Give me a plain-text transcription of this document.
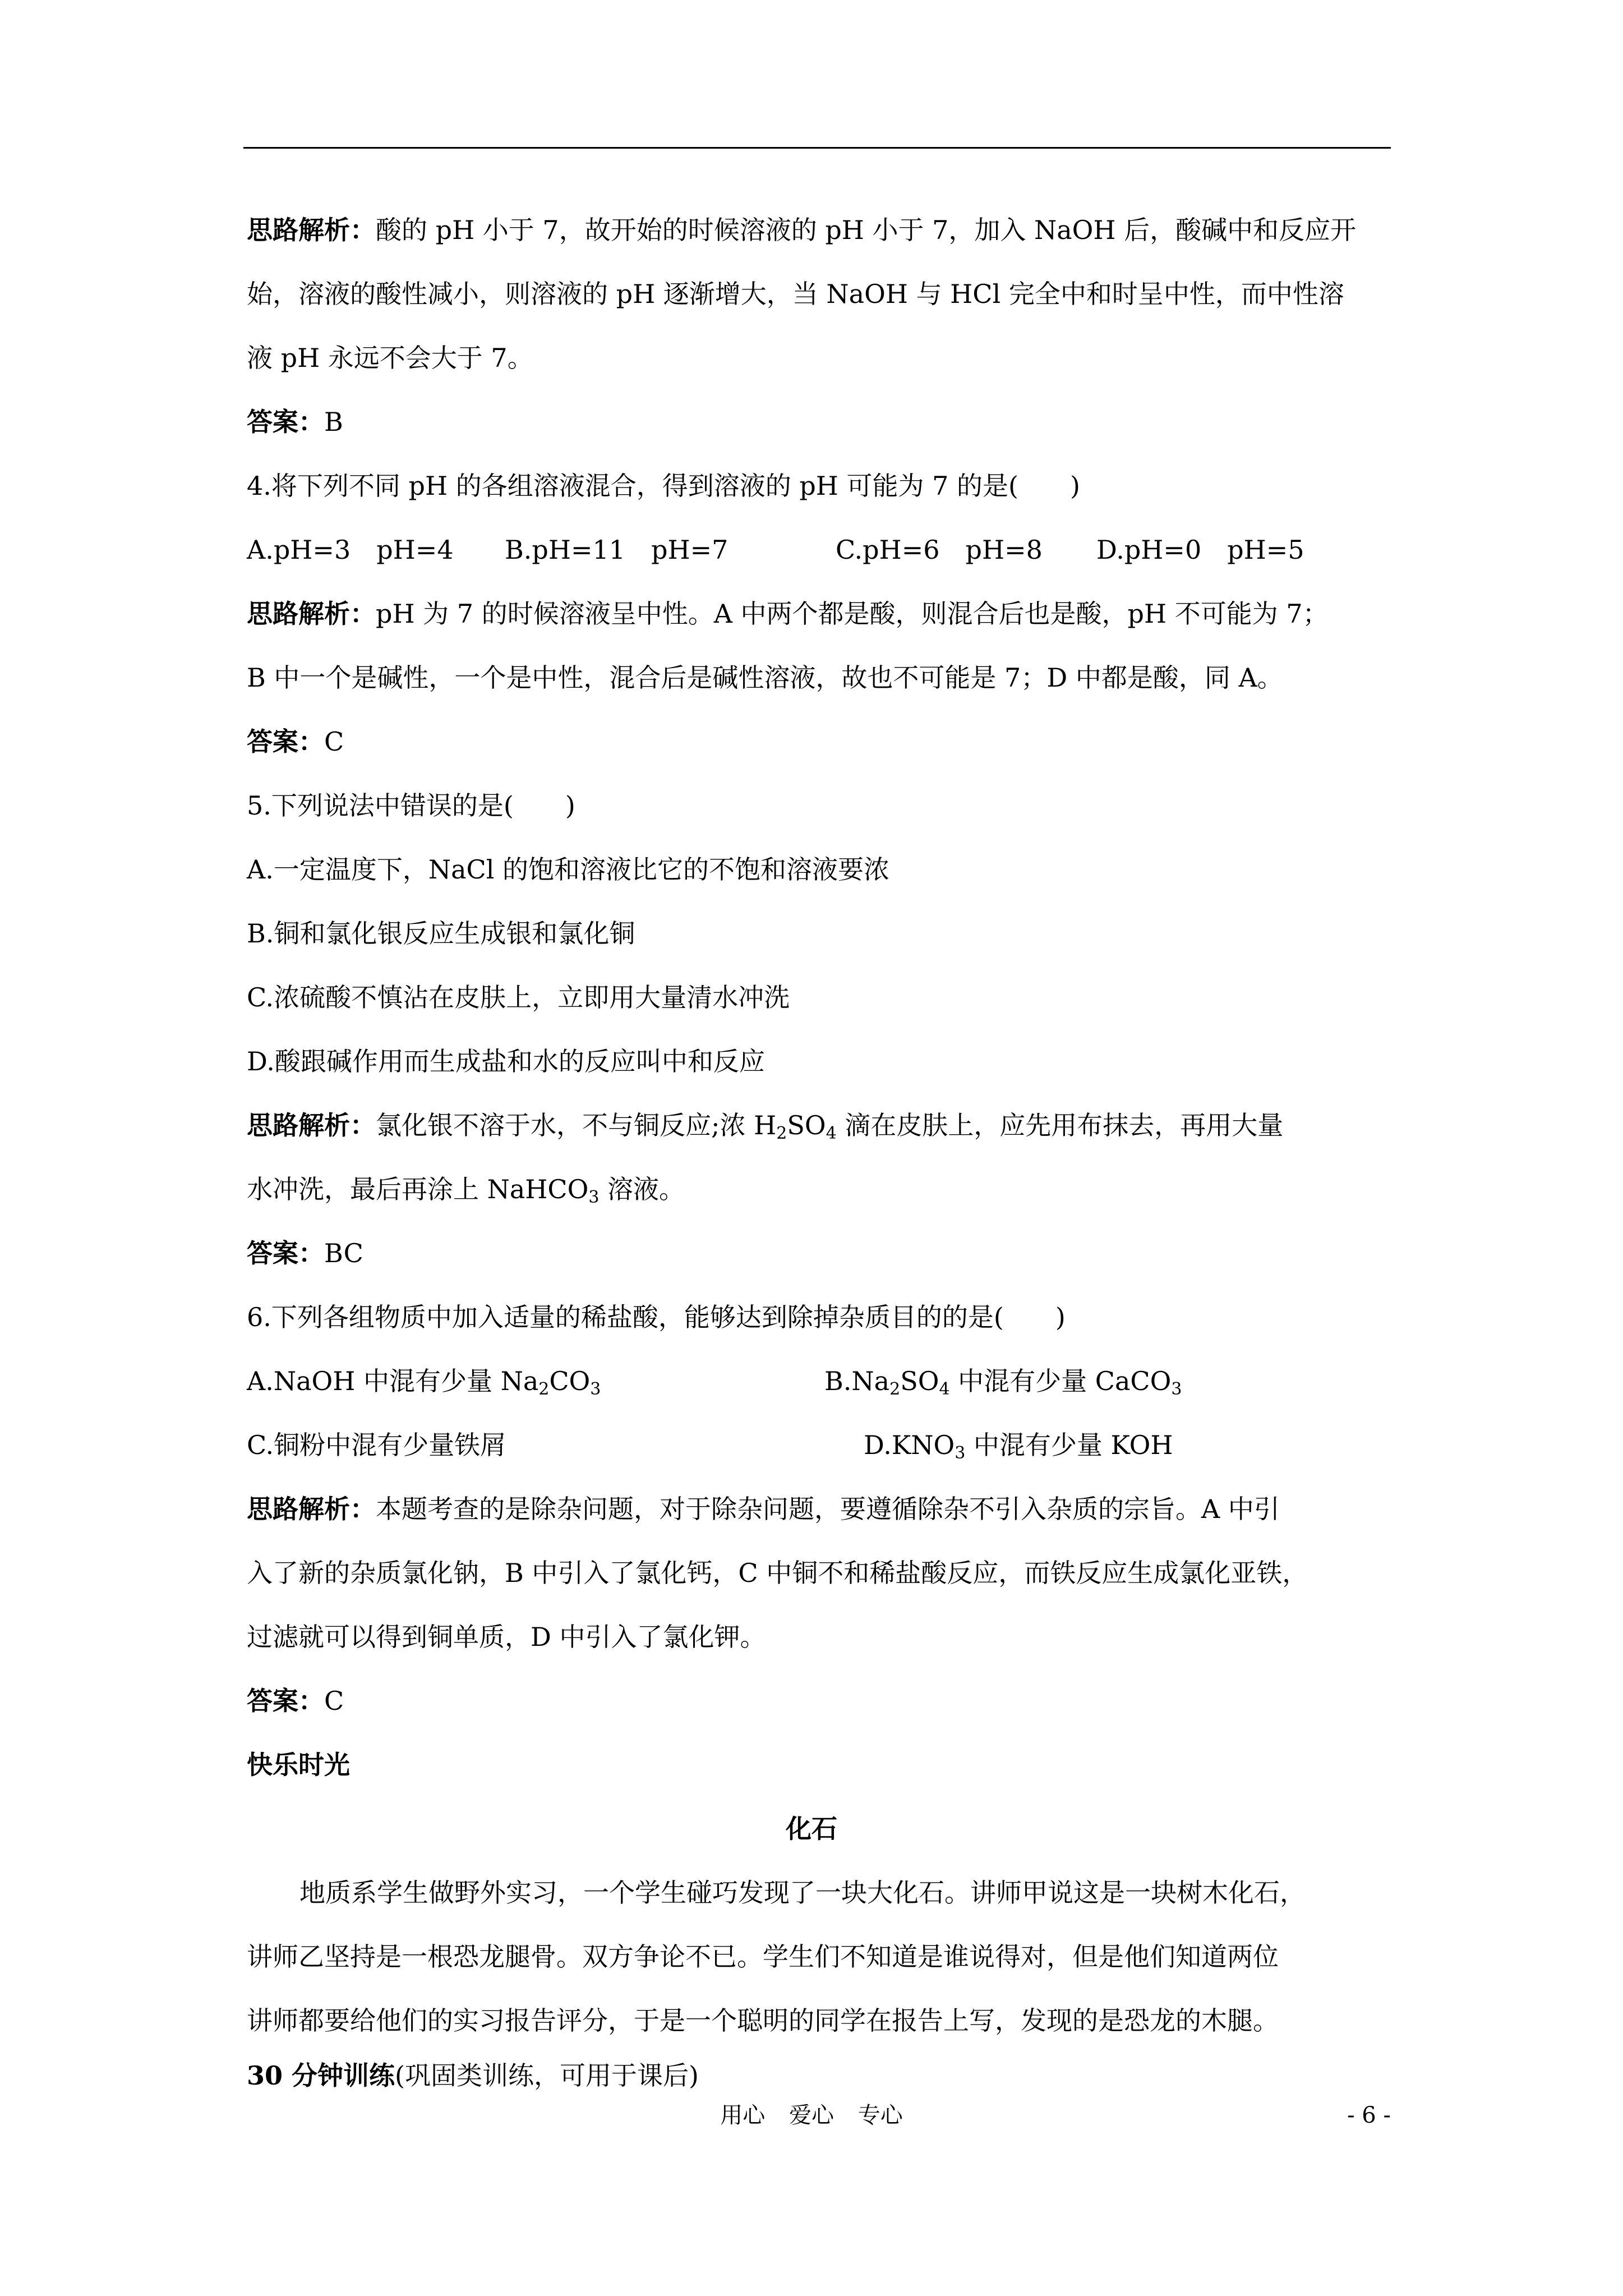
思路解析：酸的 pH 小于 7，故开始的时候溶液的 pH 小于 7，加入 NaOH 后，酸碱中和反应开
始，溶液的酸性减小，则溶液的 pH 逐渐增大，当 NaOH 与 HCl 完全中和时呈中性，而中性溶
液 pH 永远不会大于 7。
答案：B
4.将下列不同 pH 的各组溶液混合，得到溶液的 pH 可能为 7 的是(　　)
A.pH=3　pH=4 B.pH=11　pH=7	C.pH=6　pH=8 D.pH=0　pH=5
思路解析：pH 为 7 的时候溶液呈中性。A 中两个都是酸，则混合后也是酸，pH 不可能为 7；
B 中一个是碱性，一个是中性，混合后是碱性溶液，故也不可能是 7；D 中都是酸，同 A。
答案：C
5.下列说法中错误的是(　　)
A.一定温度下，NaCl 的饱和溶液比它的不饱和溶液要浓
B.铜和氯化银反应生成银和氯化铜
C.浓硫酸不慎沾在皮肤上，立即用大量清水冲洗
D.酸跟碱作用而生成盐和水的反应叫中和反应
思路解析：氯化银不溶于水，不与铜反应;浓 $H_2SO_4$ 滴在皮肤上，应先用布抹去，再用大量
水冲洗，最后再涂上 NaHCO$_3$ 溶液。
答案：BC
6.下列各组物质中加入适量的稀盐酸，能够达到除掉杂质目的的是(　　)
A.NaOH 中混有少量 $Na_2CO_3$	$B.Na_2SO_4$ 中混有少量 CaCO$_3$
C.铜粉中混有少量铁屑	$D.KNO_3$ 中混有少量 KOH
思路解析：本题考查的是除杂问题，对于除杂问题，要遵循除杂不引入杂质的宗旨。A 中引
入了新的杂质氯化钠，B 中引入了氯化钙，C 中铜不和稀盐酸反应，而铁反应生成氯化亚铁，
过滤就可以得到铜单质，D 中引入了氯化钾。
答案：C
快乐时光
化石
地质系学生做野外实习，一个学生碰巧发现了一块大化石。讲师甲说这是一块树木化石，
讲师乙坚持是一根恐龙腿骨。双方争论不已。学生们不知道是谁说得对，但是他们知道两位
讲师都要给他们的实习报告评分，于是一个聪明的同学在报告上写，发现的是恐龙的木腿。
30 分钟训练(巩固类训练，可用于课后)
用心 爱心 专心	- 6 -
